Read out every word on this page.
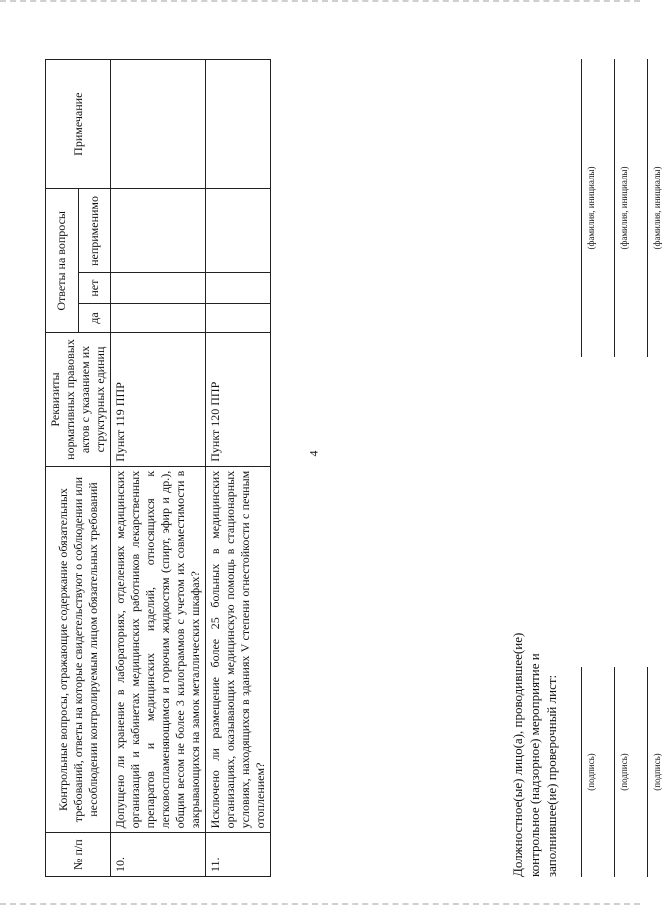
4
№ п/п	Контрольные вопросы, отражающие содержание обязательных требований, ответы на которые свидетельствуют о соблюдении или несоблюдении контролируемым лицом обязательных требований	Реквизиты нормативных правовых актов с указанием их структурных единиц	Ответы на вопросы			Примечание
			да	нет	неприменимо	
10.	Допущено ли хранение в лабораториях, отделениях медицинских организаций и кабинетах медицинских работников лекарственных препаратов и медицинских изделий, относящихся к легковоспламеняющимся и горючим жидкостям (спирт, эфир и др.), общим весом не более 3 килограммов с учетом их совместимости в закрывающихся на замок металлических шкафах?	Пункт 119 ППР				
11.	Исключено ли размещение более 25 больных в медицинских организациях, оказывающих медицинскую помощь в стационарных условиях, находящихся в зданиях V степени огнестойкости с печным отоплением?	Пункт 120 ППР				
Должностное(ые) лицо(а), проводившее(ие) контрольное (надзорное) мероприятие и заполнившее(ие) проверочный лист:	(подпись)
(фамилия, инициалы)
(подпись)
(фамилия, инициалы)
(подпись)
(фамилия, инициалы)
